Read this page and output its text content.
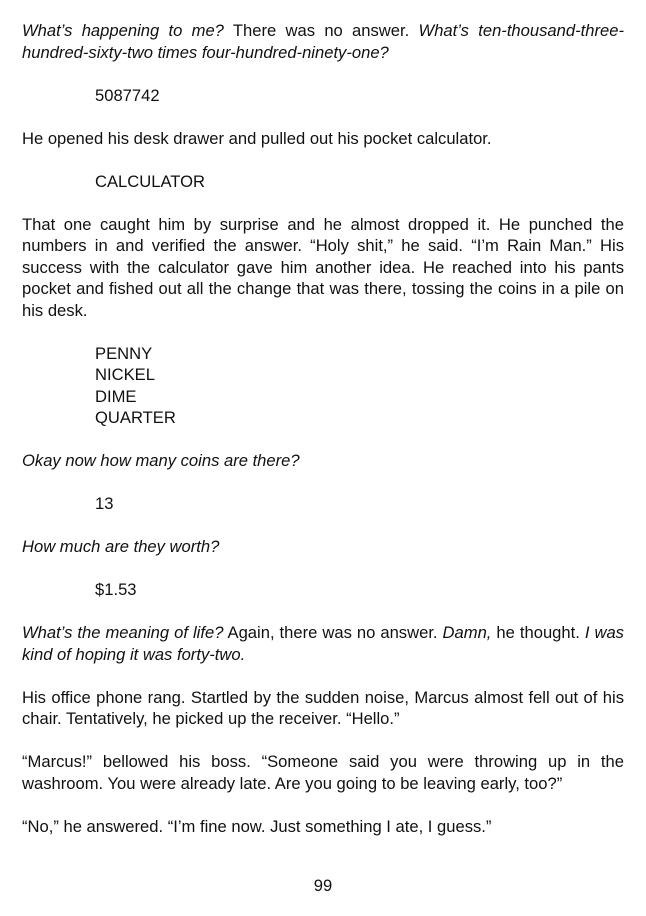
What’s happening to me? There was no answer. What’s ten-thousand-three-hundred-sixty-two times four-hundred-ninety-one?

5087742

He opened his desk drawer and pulled out his pocket calculator.

CALCULATOR

That one caught him by surprise and he almost dropped it. He punched the numbers in and verified the answer. “Holy shit,” he said. “I’m Rain Man.” His success with the calculator gave him another idea. He reached into his pants pocket and fished out all the change that was there, tossing the coins in a pile on his desk.

PENNY
NICKEL
DIME
QUARTER

Okay now how many coins are there?

13

How much are they worth?

$1.53

What’s the meaning of life? Again, there was no answer. Damn, he thought. I was kind of hoping it was forty-two.

His office phone rang. Startled by the sudden noise, Marcus almost fell out of his chair. Tentatively, he picked up the receiver. “Hello.”

“Marcus!” bellowed his boss. “Someone said you were throwing up in the washroom. You were already late. Are you going to be leaving early, too?”

“No,” he answered. “I’m fine now. Just something I ate, I guess.”

99
